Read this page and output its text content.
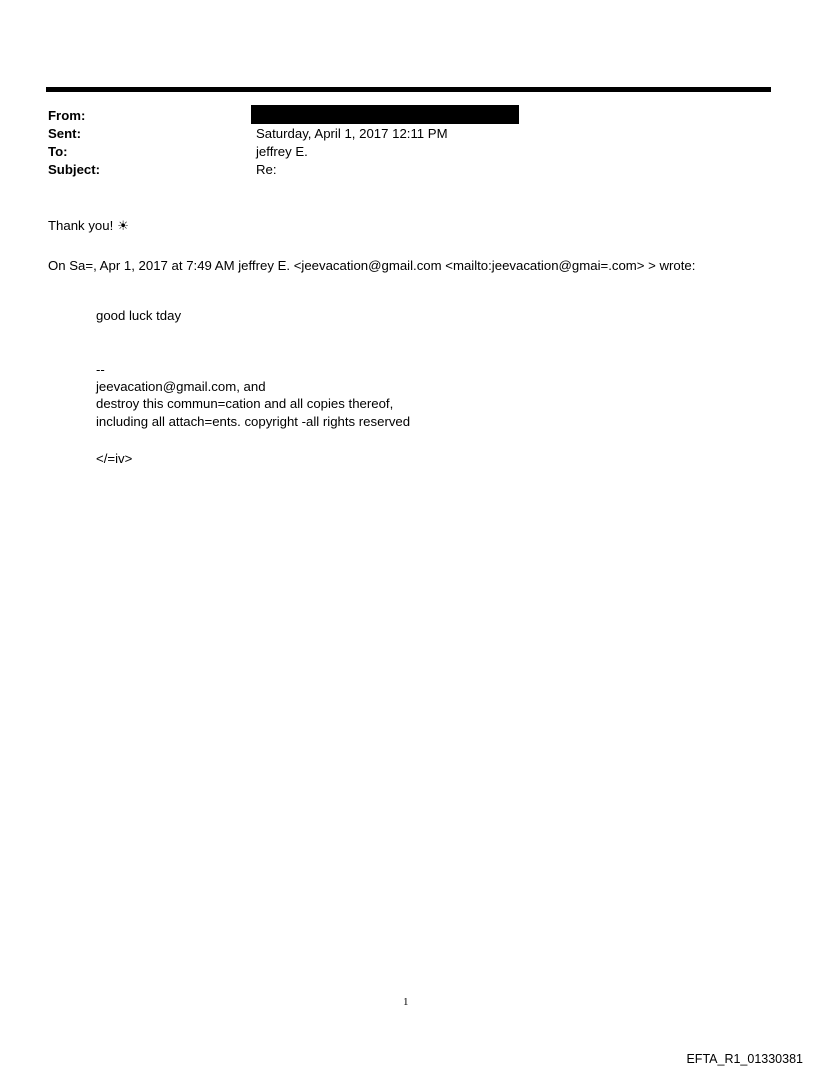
From:
Sent:	Saturday, April 1, 2017 12:11 PM
To:	jeffrey E.
Subject:	Re:
Thank you! ☀
On Sa=, Apr 1, 2017 at 7:49 AM jeffrey E. <jeevacation@gmail.com <mailto:jeevacation@gmai=.com> > wrote:
good luck tday
--
jeevacation@gmail.com, and
destroy this commun=cation and all copies thereof,
including all attach=ents. copyright -all rights reserved
</=iv>
1
EFTA_R1_01330381
